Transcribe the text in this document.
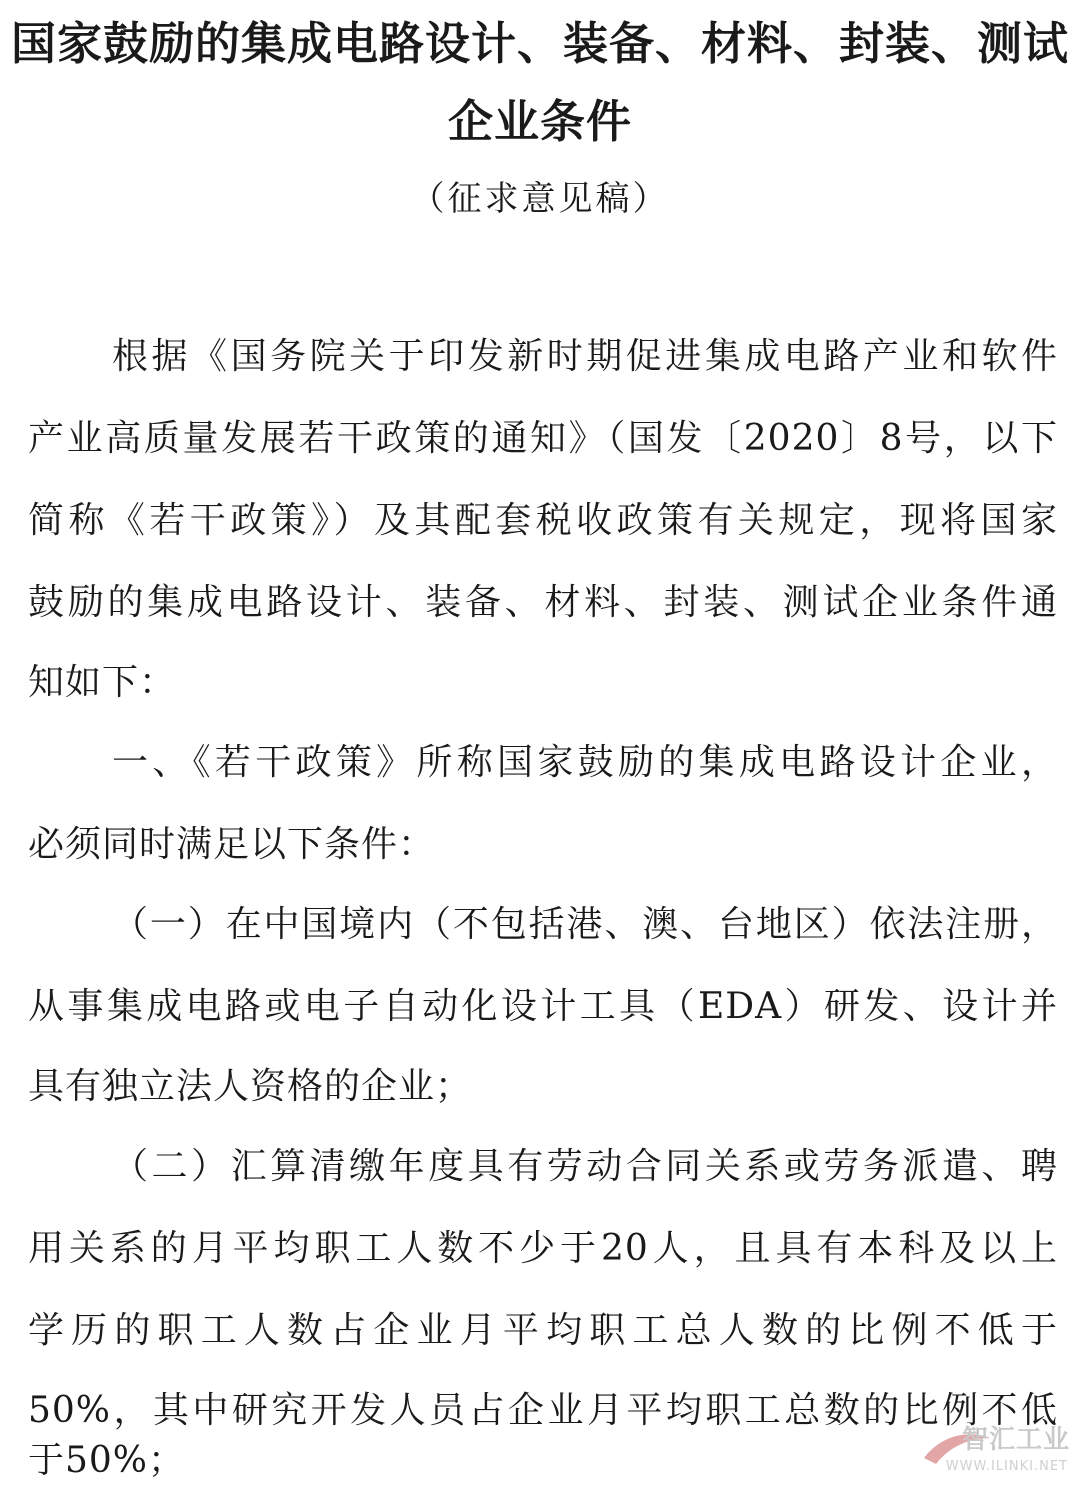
国家鼓励的集成电路设计、装备、材料、封装、测试
企业条件
（征求意见稿）
根据《国务院关于印发新时期促进集成电路产业和软件
产业高质量发展若干政策的通知》（国发〔2020〕8号，以下
简称《若干政策》）及其配套税收政策有关规定，现将国家
鼓励的集成电路设计、装备、材料、封装、测试企业条件通
知如下：
一、《若干政策》所称国家鼓励的集成电路设计企业，
必须同时满足以下条件：
（一）在中国境内（不包括港、澳、台地区）依法注册，
从事集成电路或电子自动化设计工具（EDA）研发、设计并
具有独立法人资格的企业；
（二）汇算清缴年度具有劳动合同关系或劳务派遣、聘
用关系的月平均职工人数不少于20人，且具有本科及以上
学历的职工人数占企业月平均职工总人数的比例不低于
50%，其中研究开发人员占企业月平均职工总数的比例不低
于50%；	智汇工业
WWW.ILINKI.NET
